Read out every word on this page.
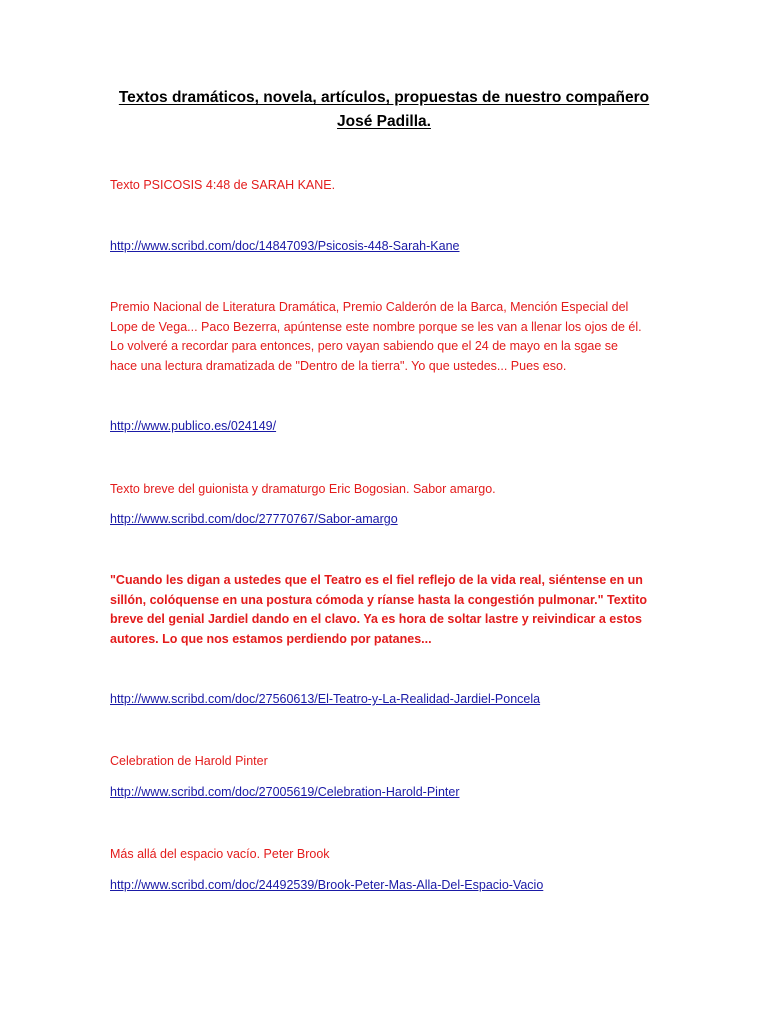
Textos dramáticos, novela, artículos, propuestas de nuestro compañero
José Padilla.
Texto PSICOSIS 4:48 de SARAH KANE.
http://www.scribd.com/doc/14847093/Psicosis-448-Sarah-Kane
Premio Nacional de Literatura Dramática, Premio Calderón de la Barca, Mención Especial del
Lope de Vega... Paco Bezerra, apúntense este nombre porque se les van a llenar los ojos de él.
Lo volveré a recordar para entonces, pero vayan sabiendo que el 24 de mayo en la sgae se
hace una lectura dramatizada de "Dentro de la tierra". Yo que ustedes... Pues eso.
http://www.publico.es/024149/
Texto breve del guionista y dramaturgo Eric Bogosian. Sabor amargo.
http://www.scribd.com/doc/27770767/Sabor-amargo
"Cuando les digan a ustedes que el Teatro es el fiel reflejo de la vida real, siéntense en un
sillón, colóquense en una postura cómoda y ríanse hasta la congestión pulmonar." Textito
breve del genial Jardiel dando en el clavo. Ya es hora de soltar lastre y reivindicar a estos
autores. Lo que nos estamos perdiendo por patanes...
http://www.scribd.com/doc/27560613/El-Teatro-y-La-Realidad-Jardiel-Poncela
Celebration de Harold Pinter
http://www.scribd.com/doc/27005619/Celebration-Harold-Pinter
Más allá del espacio vacío. Peter Brook
http://www.scribd.com/doc/24492539/Brook-Peter-Mas-Alla-Del-Espacio-Vacio
